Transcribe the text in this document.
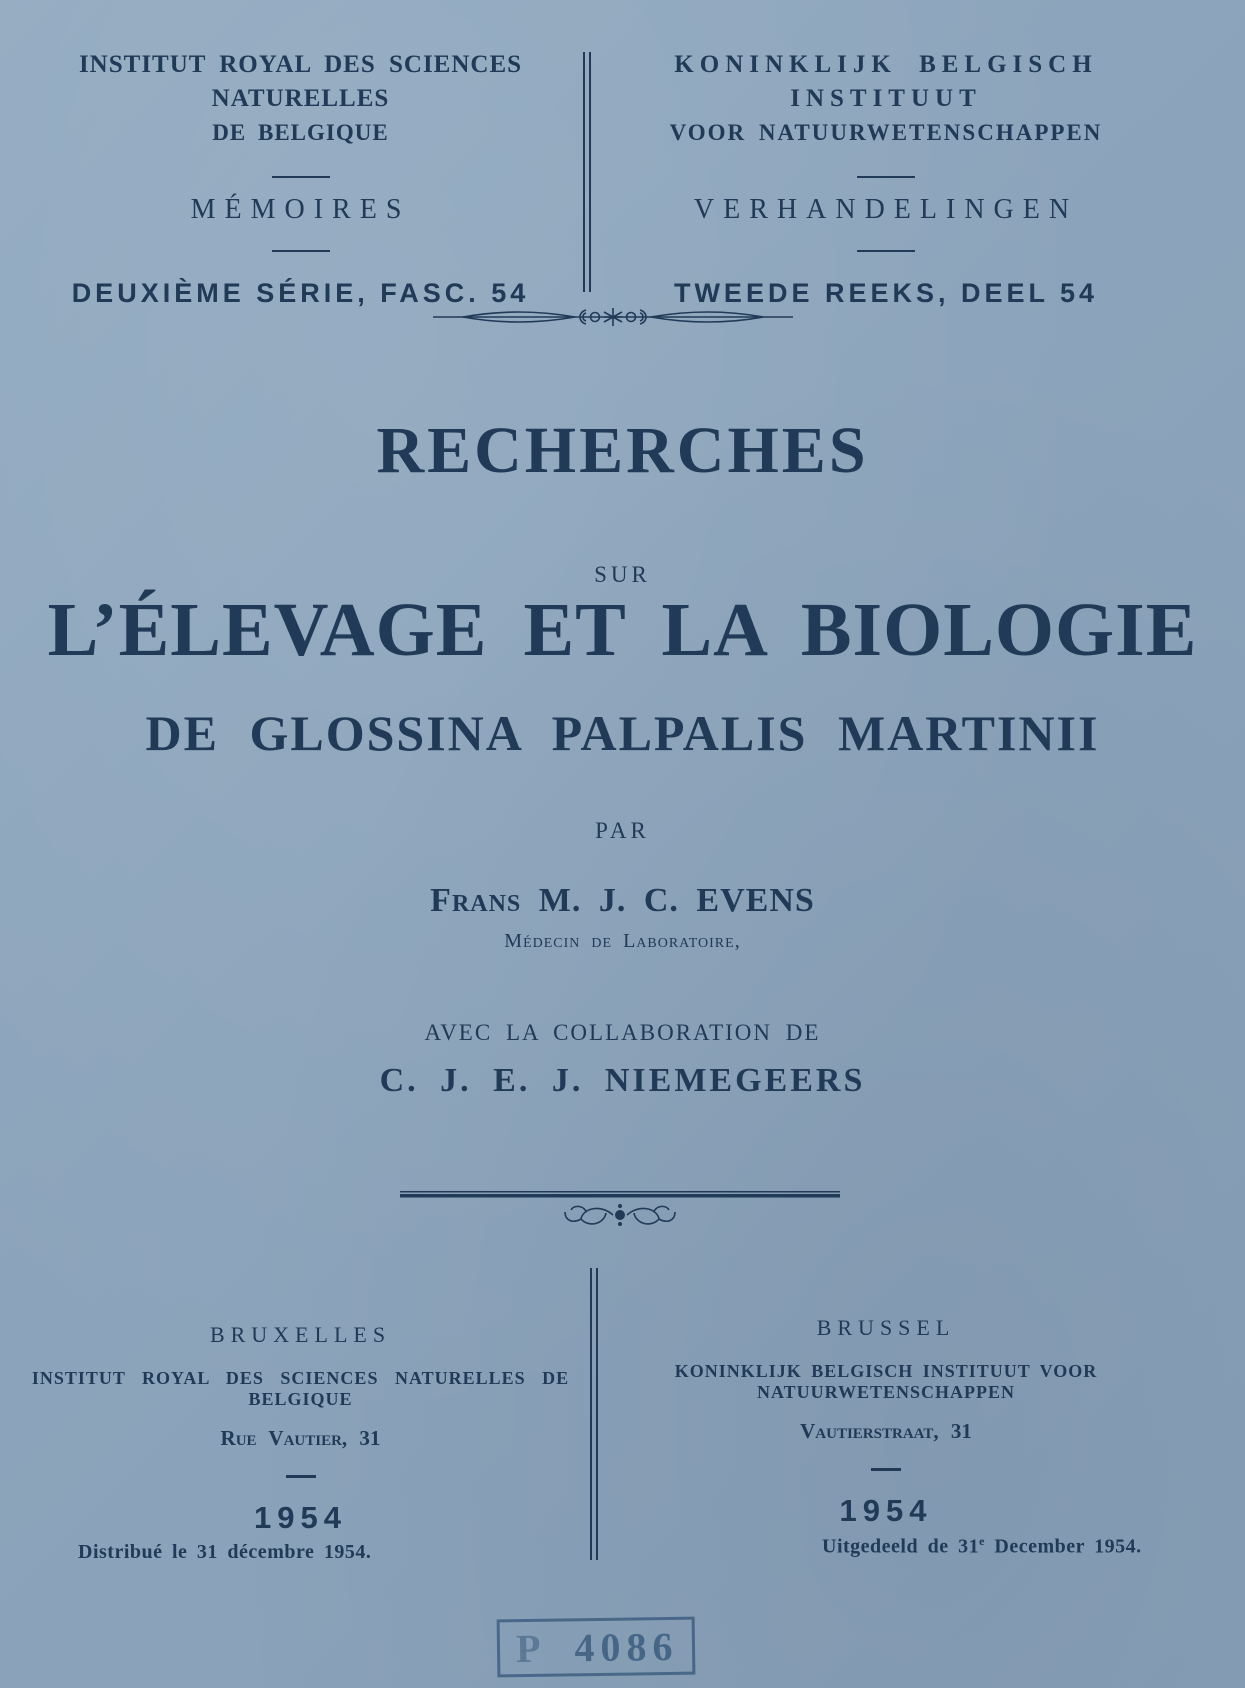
INSTITUT ROYAL DES SCIENCES NATURELLES
DE BELGIQUE
MÉMOIRES
DEUXIÈME SÉRIE, FASC. 54
KONINKLIJK BELGISCH INSTITUUT
VOOR NATUURWETENSCHAPPEN
VERHANDELINGEN
TWEEDE REEKS, DEEL 54
RECHERCHES
SUR
L’ÉLEVAGE ET LA BIOLOGIE
DE GLOSSINA PALPALIS MARTINII
PAR
Frans M. J. C. EVENS
Médecin de Laboratoire,
AVEC LA COLLABORATION DE
C. J. E. J. NIEMEGEERS
BRUXELLES
INSTITUT ROYAL DES SCIENCES NATURELLES DE BELGIQUE
Rue Vautier, 31
1954
BRUSSEL
KONINKLIJK BELGISCH INSTITUUT VOOR NATUURWETENSCHAPPEN
Vautierstraat, 31
1954
Distribué le 31 décembre 1954.	Uitgedeeld de 31e December 1954.
P 4086
